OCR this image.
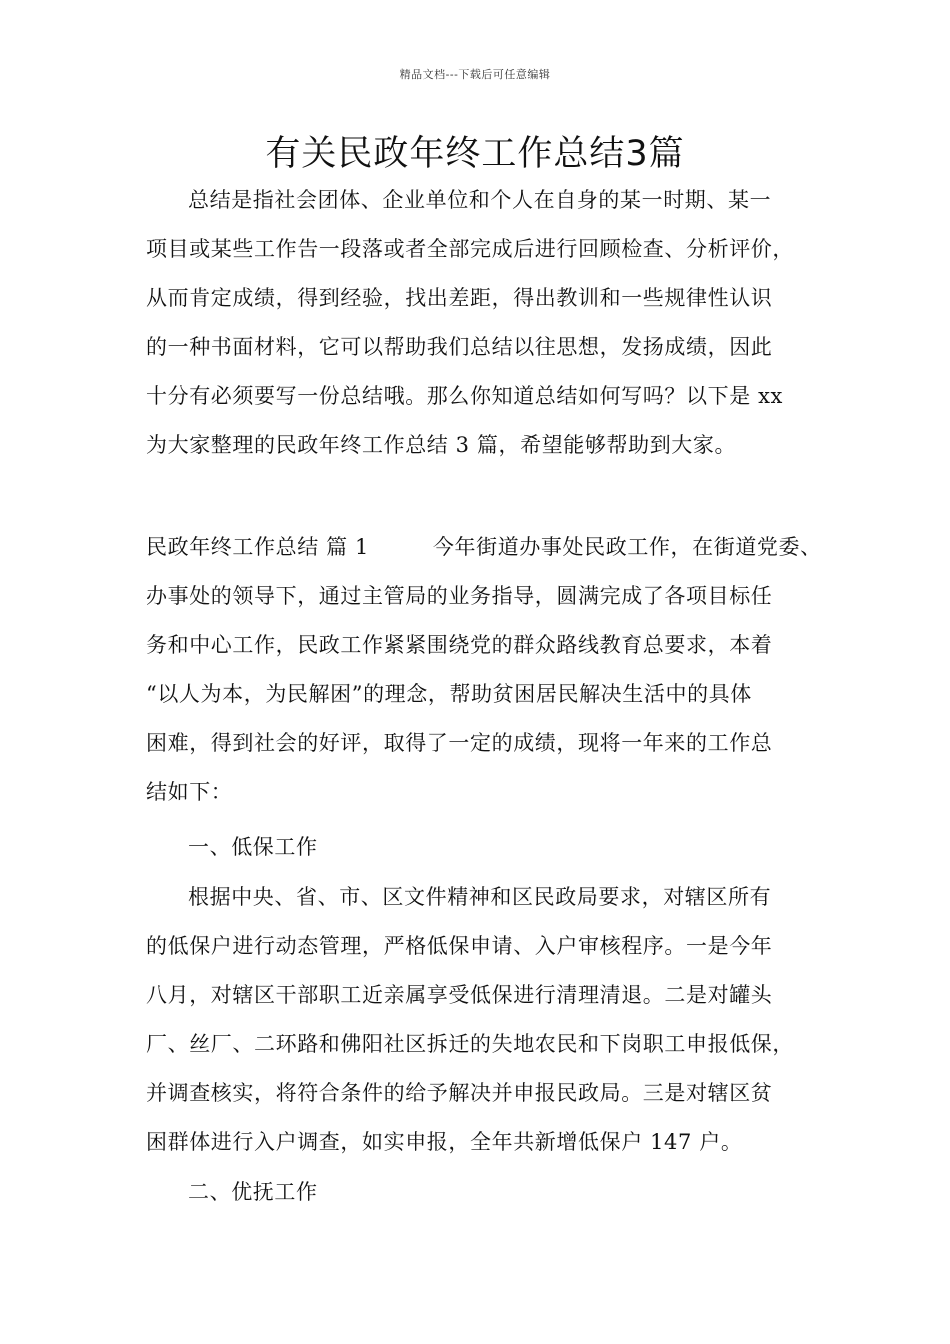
精品文档---下载后可任意编辑
有关民政年终工作总结3篇
总结是指社会团体、企业单位和个人在自身的某一时期、某一
项目或某些工作告一段落或者全部完成后进行回顾检查、分析评价，
从而肯定成绩，得到经验，找出差距，得出教训和一些规律性认识
的一种书面材料，它可以帮助我们总结以往思想，发扬成绩，因此
十分有必须要写一份总结哦。那么你知道总结如何写吗？以下是 xx
为大家整理的民政年终工作总结 3 篇，希望能够帮助到大家。
民政年终工作总结 篇 1	今年街道办事处民政工作，在街道党委、
办事处的领导下，通过主管局的业务指导，圆满完成了各项目标任
务和中心工作，民政工作紧紧围绕党的群众路线教育总要求，本着
“以人为本，为民解困”的理念，帮助贫困居民解决生活中的具体
困难，得到社会的好评，取得了一定的成绩，现将一年来的工作总
结如下：
一、低保工作
根据中央、省、市、区文件精神和区民政局要求，对辖区所有
的低保户进行动态管理，严格低保申请、入户审核程序。一是今年
八月，对辖区干部职工近亲属享受低保进行清理清退。二是对罐头
厂、丝厂、二环路和佛阳社区拆迁的失地农民和下岗职工申报低保，
并调查核实，将符合条件的给予解决并申报民政局。三是对辖区贫
困群体进行入户调查，如实申报，全年共新增低保户 147 户。
二、优抚工作
